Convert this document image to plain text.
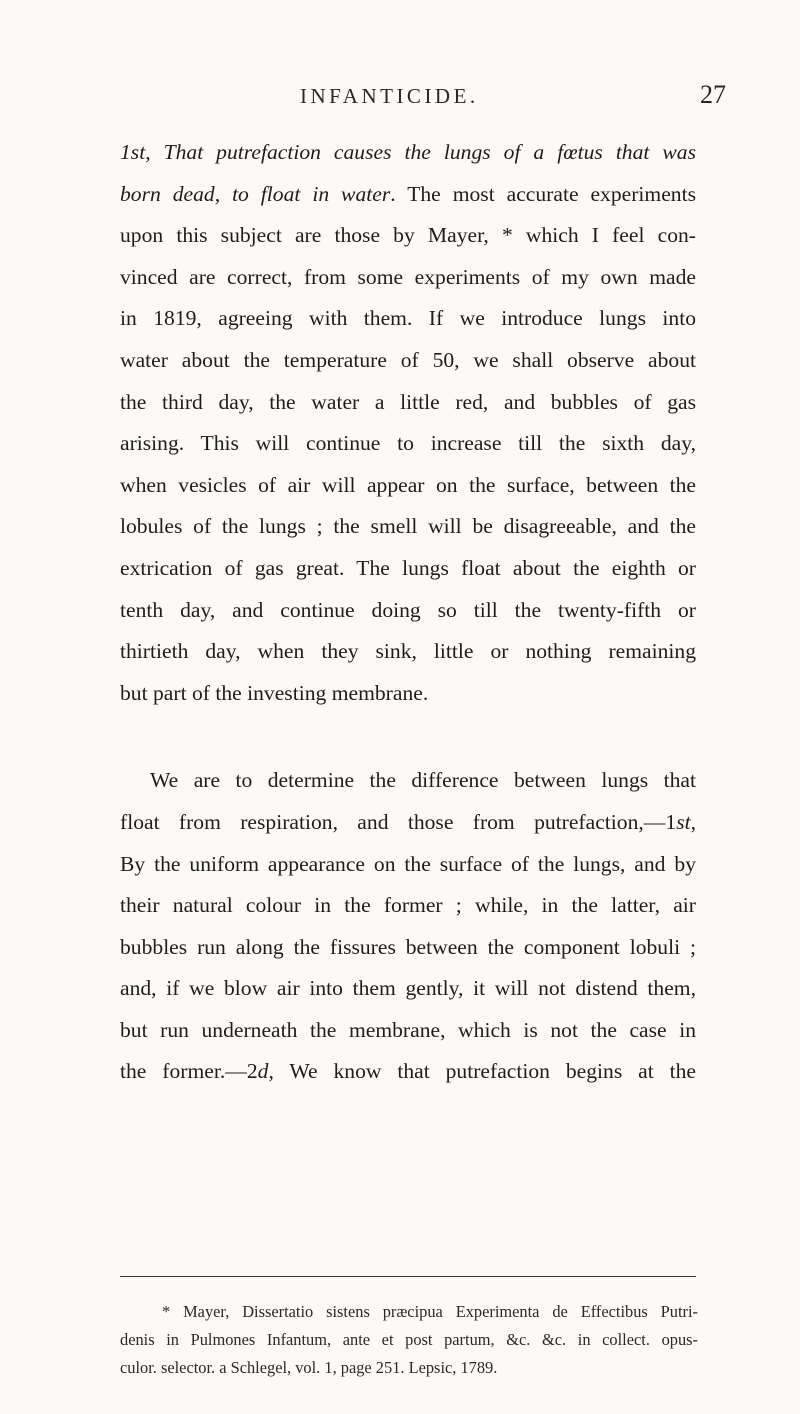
INFANTICIDE.	27
1st, That putrefaction causes the lungs of a fœtus that was
born dead, to float in water. The most accurate experiments
upon this subject are those by Mayer, * which I feel con-
vinced are correct, from some experiments of my own made
in 1819, agreeing with them. If we introduce lungs into
water about the temperature of 50, we shall observe about
the third day, the water a little red, and bubbles of gas
arising. This will continue to increase till the sixth day,
when vesicles of air will appear on the surface, between the
lobules of the lungs ; the smell will be disagreeable, and the
extrication of gas great. The lungs float about the eighth or
tenth day, and continue doing so till the twenty-fifth or
thirtieth day, when they sink, little or nothing remaining
but part of the investing membrane.
We are to determine the difference between lungs that
float from respiration, and those from putrefaction,—1st,
By the uniform appearance on the surface of the lungs, and by
their natural colour in the former ; while, in the latter, air
bubbles run along the fissures between the component lobuli ;
and, if we blow air into them gently, it will not distend them,
but run underneath the membrane, which is not the case in
the former.—2d, We know that putrefaction begins at the
* Mayer, Dissertatio sistens præcipua Experimenta de Effectibus Putri-
denis in Pulmones Infantum, ante et post partum, &c. &c. in collect. opus-
culor. selector. a Schlegel, vol. 1, page 251. Lepsic, 1789.
